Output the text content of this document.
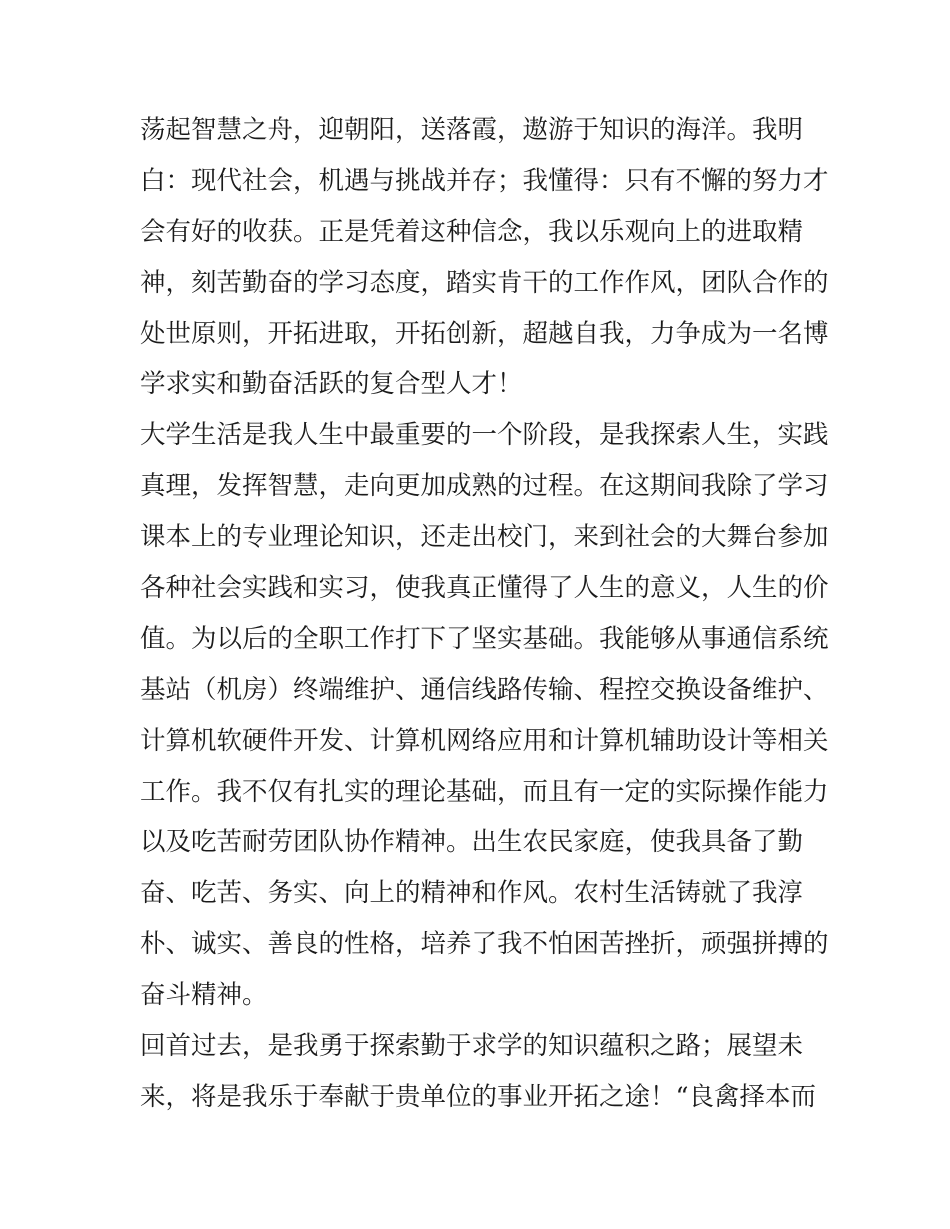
荡起智慧之舟，迎朝阳，送落霞，遨游于知识的海洋。我明
白：现代社会，机遇与挑战并存；我懂得：只有不懈的努力才
会有好的收获。正是凭着这种信念，我以乐观向上的进取精
神，刻苦勤奋的学习态度，踏实肯干的工作作风，团队合作的
处世原则，开拓进取，开拓创新，超越自我，力争成为一名博
学求实和勤奋活跃的复合型人才！
大学生活是我人生中最重要的一个阶段，是我探索人生，实践
真理，发挥智慧，走向更加成熟的过程。在这期间我除了学习
课本上的专业理论知识，还走出校门，来到社会的大舞台参加
各种社会实践和实习，使我真正懂得了人生的意义，人生的价
值。为以后的全职工作打下了坚实基础。我能够从事通信系统
基站（机房）终端维护、通信线路传输、程控交换设备维护、
计算机软硬件开发、计算机网络应用和计算机辅助设计等相关
工作。我不仅有扎实的理论基础，而且有一定的实际操作能力
以及吃苦耐劳团队协作精神。出生农民家庭，使我具备了勤
奋、吃苦、务实、向上的精神和作风。农村生活铸就了我淳
朴、诚实、善良的性格，培养了我不怕困苦挫折，顽强拼搏的
奋斗精神。
回首过去，是我勇于探索勤于求学的知识蕴积之路；展望未
来，将是我乐于奉献于贵单位的事业开拓之途！“良禽择本而
